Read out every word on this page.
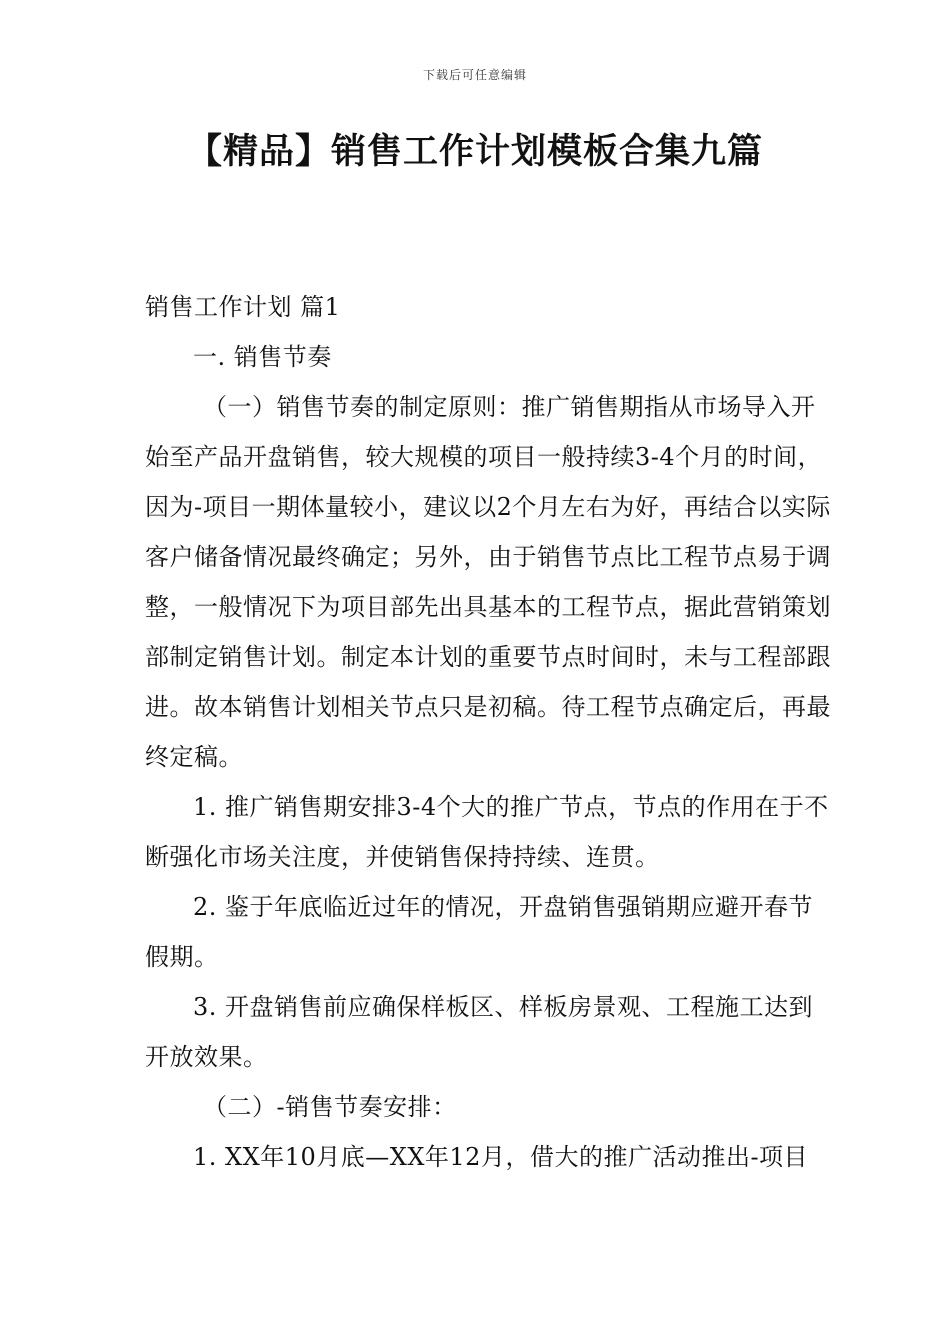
下载后可任意编辑
【精品】销售工作计划模板合集九篇

销售工作计划 篇1

一. 销售节奏

（一）销售节奏的制定原则：推广销售期指从市场导入开始至产品开盘销售，较大规模的项目一般持续3-4个月的时间，因为-项目一期体量较小，建议以2个月左右为好，再结合以实际客户储备情况最终确定；另外，由于销售节点比工程节点易于调整，一般情况下为项目部先出具基本的工程节点，据此营销策划部制定销售计划。制定本计划的重要节点时间时，未与工程部跟进。故本销售计划相关节点只是初稿。待工程节点确定后，再最终定稿。

1. 推广销售期安排3-4个大的推广节点，节点的作用在于不断强化市场关注度，并使销售保持持续、连贯。

2. 鉴于年底临近过年的情况，开盘销售强销期应避开春节假期。

3. 开盘销售前应确保样板区、样板房景观、工程施工达到开放效果。

（二）-销售节奏安排：

1. XX年10月底—XX年12月，借大的推广活动推出-项目
